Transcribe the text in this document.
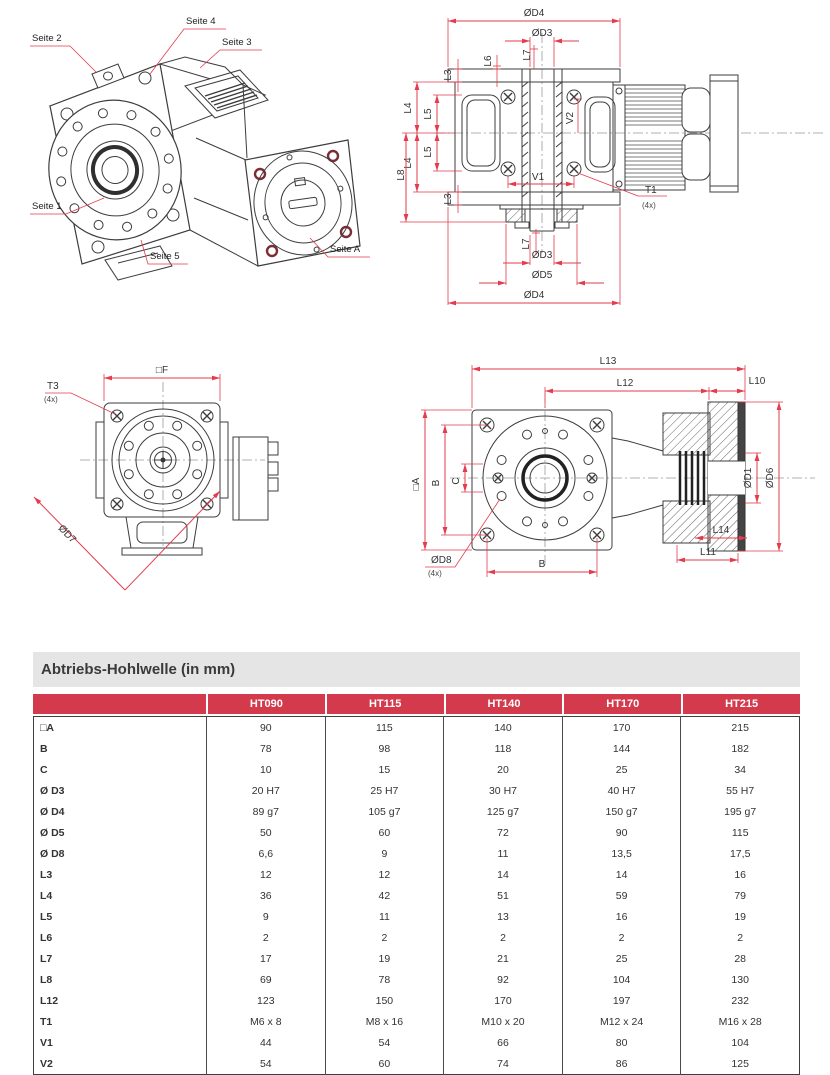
Seite 2
Seite 4
Seite 3
Seite 1
Seite 5
Seite A
ØD4
ØD3
L7
L3
L6
L4
L5
L4
L5
L3
L8
V2
V1
T1
(4x)
L7
ØD3
ØD5
ØD4
□F
T3
(4x)
ØD7
L13
L12	L10
□A B C	ØD1 ØD6
ØD8
(4x)
B
L14
L11
Abtriebs-Hohlwelle (in mm)
HT090	HT115	HT140	HT170	HT215
□A	90	115	140	170	215
B	78	98	118	144	182
C	10	15	20	25	34
Ø D3	20 H7	25 H7	30 H7	40 H7	55 H7
Ø D4	89 g7	105 g7	125 g7	150 g7	195 g7
Ø D5	50	60	72	90	115
Ø D8	6,6	9	11	13,5	17,5
L3	12	12	14	14	16
L4	36	42	51	59	79
L5	9	11	13	16	19
L6	2	2	2	2	2
L7	17	19	21	25	28
L8	69	78	92	104	130
L12	123	150	170	197	232
T1	M6 x 8	M8 x 16	M10 x 20	M12 x 24	M16 x 28
V1	44	54	66	80	104
V2	54	60	74	86	125
